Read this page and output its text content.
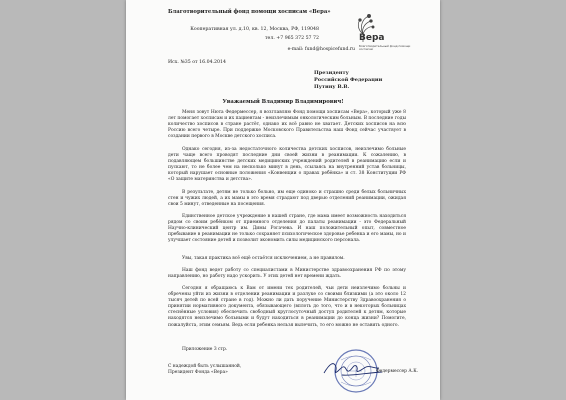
Благотворительный фонд помощи хосписам «Вера»

Кооперативная ул. д.10, кв. 12, Москва, РФ, 119048

тел. +7 965 372 57 72

e-mail: fund@hospicefund.ru

Вера
Благотворительный фонд помощи хосписам

Исх. №35 от 16.04.2014

Президенту

Российской Федерации

Путину В.В.

Уважаемый Владимир Владимирович!

Меня зовут Нюта Федермессер, я возглавляю Фонд помощи хосписам «Вера», который уже 8 лет помогает хосписам и их пациентам - неизлечимым онкологическим больным. В последние годы количество хосписов в стране растёт, однако их всё равно не хватает. Детских хосписов на всю Россию всего четыре. При поддержке Московского Правительства наш Фонд сейчас участвует в создании первого в Москве детского хосписа.

Однако сегодня, из-за недостаточного количества детских хосписов, неизлечимо больные дети чаще всего проводят последние дни своей жизни в реанимации. К сожалению, в подавляющем большинстве детских медицинских учреждений родителей в реанимацию если и пускают, то не более чем на несколько минут в день, ссылаясь на внутренний устав больницы, который нарушает основные положения «Конвенции о правах ребёнка» и ст. 38 Конституции РФ «О защите материнства и детства».

В результате, детям не только больно, им еще одиноко и страшно среди белых больничных стен и чужих людей, а их мамы в это время страдают под дверью отделений реанимации, ожидая свои 5 минут, отведенные на посещения.

Единственное детское учреждение в нашей стране, где мама имеет возможность находиться рядом со своим ребёнком от приемного отделения до палаты реанимации - это Федеральный Научно-клинический центр им. Димы Рогачева. И наш положительный опыт, совместное пребывание в реанимации не только сохраняет психологическое здоровье ребенка и его мамы, но и улучшает состояние детей и позволит экономить силы медицинского персонала.

Увы, такая практика всё ещё остаётся исключением, а не правилом.

Наш фонд ведет работу со специалистами в Министерстве здравоохранения РФ по этому направлению, но работу надо ускорить. У этих детей нет времени ждать.

Сегодня я обращаюсь к Вам от имени тех родителей, чьи дети неизлечимо больны и обречены уйти из жизни в отделении реанимации и разлуке со своими близкими (а это около 12 тысяч детей по всей стране в год). Можно ли дать поручение Министерству Здравоохранения о принятии нормативного документа, обязывающего (вплоть до того, что и в некоторых больницах стеснённые условия) обеспечить свободный круглосуточный доступ родителей к детям, которые находятся неизлечимо больными и будут находиться в реанимации до конца жизни? Помогите, пожалуйста, этим семьям. Ведь если ребенка нельзя вылечить, то его можно не оставить одного.

Приложение 3 стр.

С надеждой быть услышанной,

Президент Фонда «Вера»	Федермессер А.К.
